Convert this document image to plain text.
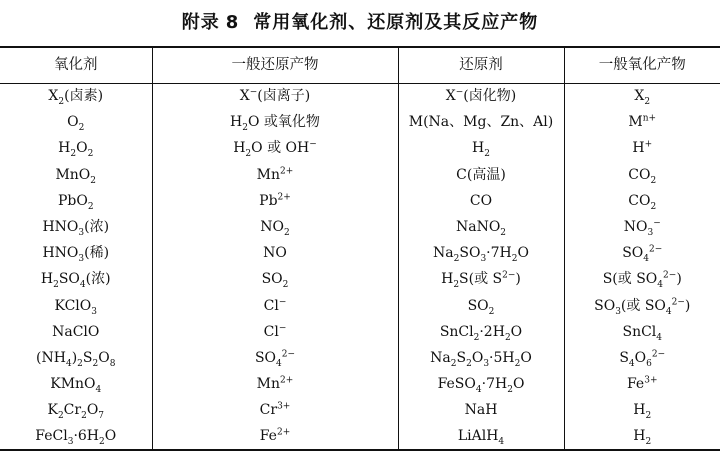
附录 8 常用氧化剂、还原剂及其反应产物
氧化剂	一般还原产物	还原剂	一般氧化产物
$X_2$(卤素)	X−(卤离子)	X−(卤化物)	$X_2$
$O_2$	$H_2O$ 或氧化物	M(Na、Mg、Zn、Al)	$M^{n+}$
$H_2O_2$	$H_2O$ 或 OH−	$H_2$	H+
MnO$_2$	$Mn^{2+}$	C(高温)	$CO_2$
PbO$_2$	$Pb^{2+}$	CO	$CO_2$
$HNO_3$(浓)	$NO_2$	NaNO$_2$	$NO_3^-$
$HNO_3$(稀)	NO	$Na_2SO_3\cdot 7H_2O$	$SO_4^{2-}$
$H_2SO_4$(浓)	$SO_2$	$H_2S$(或 $S^{2-}$)	S(或 $SO_4^{2-}$)
KClO$_3$	Cl−	$SO_2$	$SO_3$(或 $SO_4^{2-}$)
NaClO	Cl−	$SnCl_2\cdot 2H_2O$	SnCl$_4$
$(NH_4)_2S_2O_8$	$SO_4^{2-}$	$Na_2S_2O_3\cdot 5H_2O$	$S_4O_6^{2-}$
KMnO$_4$	$Mn^{2+}$	$FeSO_4\cdot 7H_2O$	$Fe^{3+}$
$K_2Cr_2O_7$	$Cr^{3+}$	NaH	$H_2$
$FeCl_3\cdot 6H_2O$	$Fe^{2+}$	LiAlH$_4$	$H_2$
